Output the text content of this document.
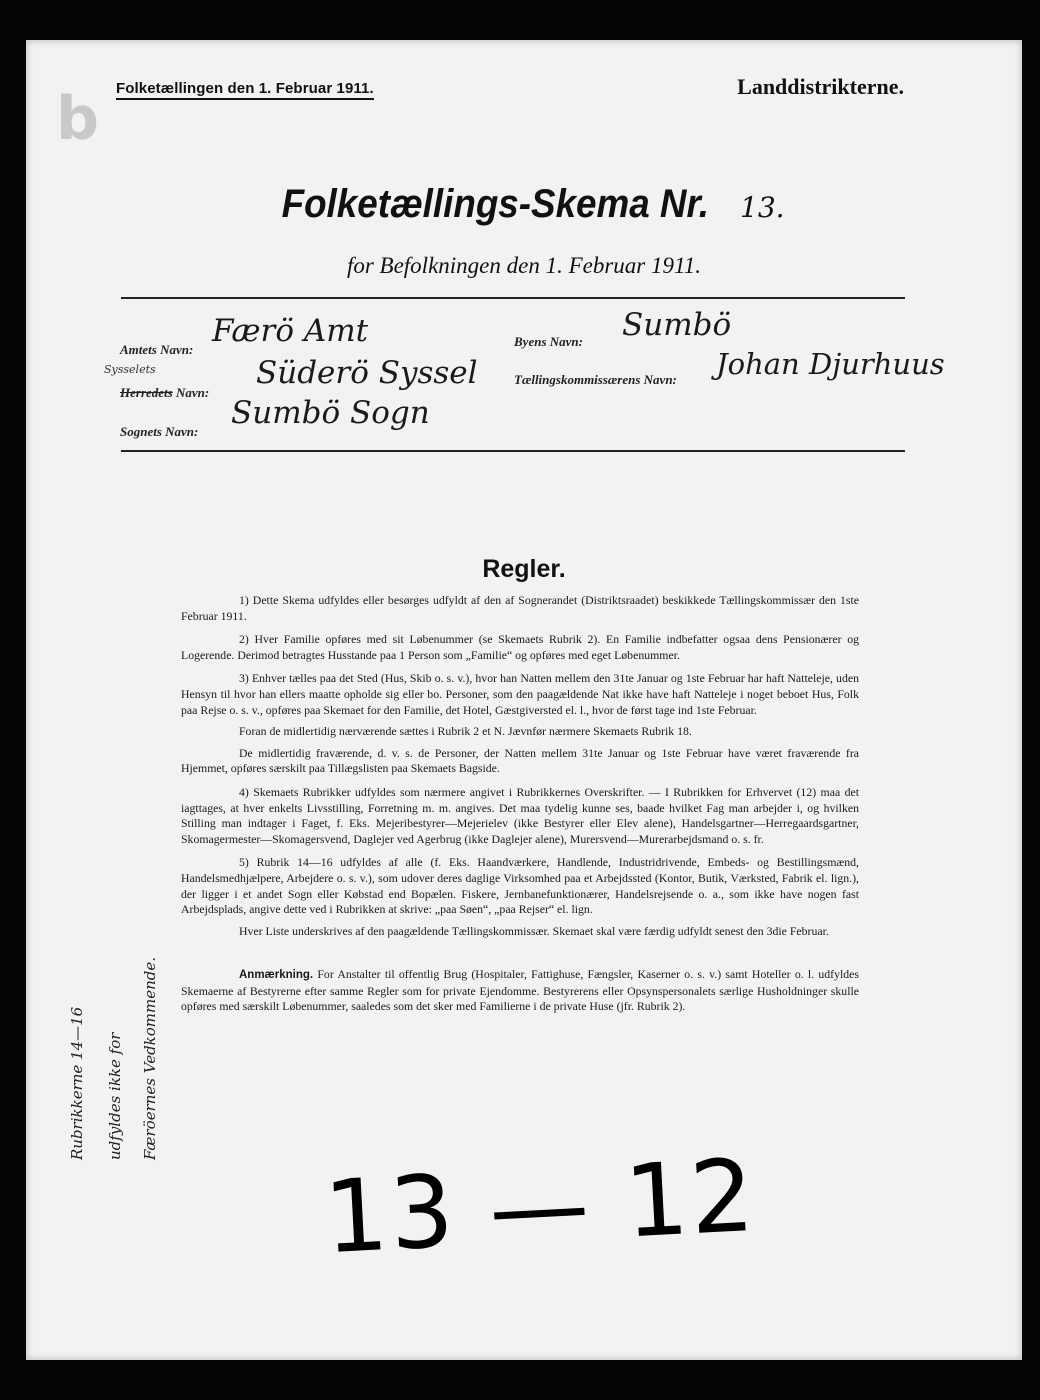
b Folketællingen den 1. Februar 1911.	Landdistrikterne.
Folketællings-Skema Nr. 13.
for Befolkningen den 1. Februar 1911.
Amtets Navn:
Færö Amt
Sysselets
Herredets Navn:
Süderö Syssel
Sognets Navn:
Sumbö Sogn
Byens Navn: Sumbö
Tællingskommissærens Navn: Johan Djurhuus
Regler.

1) Dette Skema udfyldes eller besørges udfyldt af den af Sognerandet (Distriktsraadet) beskikkede Tællingskommissær den 1ste Februar 1911.

2) Hver Familie opføres med sit Løbenummer (se Skemaets Rubrik 2). En Familie indbefatter ogsaa dens Pensionærer og Logerende. Derimod betragtes Husstande paa 1 Person som „Familie“ og opføres med eget Løbenummer.

3) Enhver tælles paa det Sted (Hus, Skib o. s. v.), hvor han Natten mellem den 31te Januar og 1ste Februar har haft Natteleje, uden Hensyn til hvor han ellers maatte opholde sig eller bo. Personer, som den paagældende Nat ikke have haft Natteleje i noget beboet Hus, Folk paa Rejse o. s. v., opføres paa Skemaet for den Familie, det Hotel, Gæstgiversted el. l., hvor de først tage ind 1ste Februar.

Foran de midlertidig nærværende sættes i Rubrik 2 et N. Jævnfør nærmere Skemaets Rubrik 18.

De midlertidig fraværende, d. v. s. de Personer, der Natten mellem 31te Januar og 1ste Februar have været fraværende fra Hjemmet, opføres særskilt paa Tillægslisten paa Skemaets Bagside.

4) Skemaets Rubrikker udfyldes som nærmere angivet i Rubrikkernes Overskrifter. — I Rubrikken for Erhvervet (12) maa det iagttages, at hver enkelts Livsstilling, Forretning m. m. angives. Det maa tydelig kunne ses, baade hvilket Fag man arbejder i, og hvilken Stilling man indtager i Faget, f. Eks. Mejeribestyrer—Mejerielev (ikke Bestyrer eller Elev alene), Handelsgartner—Herregaardsgartner, Skomagermester—Skomagersvend, Daglejer ved Agerbrug (ikke Daglejer alene), Murersvend—Murerarbejdsmand o. s. fr.

5) Rubrik 14—16 udfyldes af alle (f. Eks. Haandværkere, Handlende, Industridrivende, Embeds- og Bestillingsmænd, Handelsmedhjælpere, Arbejdere o. s. v.), som udover deres daglige Virksomhed paa et Arbejdssted (Kontor, Butik, Værksted, Fabrik el. lign.), der ligger i et andet Sogn eller Købstad end Bopælen. Fiskere, Jernbanefunktionærer, Handelsrejsende o. a., som ikke have nogen fast Arbejdsplads, angive dette ved i Rubrikken at skrive: „paa Søen“, „paa Rejser“ el. lign.

Hver Liste underskrives af den paagældende Tællingskommissær. Skemaet skal være færdig udfyldt senest den 3die Februar.

Anmærkning. For Anstalter til offentlig Brug (Hospitaler, Fattighuse, Fængsler, Kaserner o. s. v.) samt Hoteller o. l. udfyldes Skemaerne af Bestyrerne efter samme Regler som for private Ejendomme. Bestyrerens eller Opsynspersonalets særlige Husholdninger skulle opføres med særskilt Løbenummer, saaledes som det sker med Familierne i de private Huse (jfr. Rubrik 2).

Rubrikkerne 14—16 udfyldes ikke for Færöernes Vedkommende.
13 — 12
